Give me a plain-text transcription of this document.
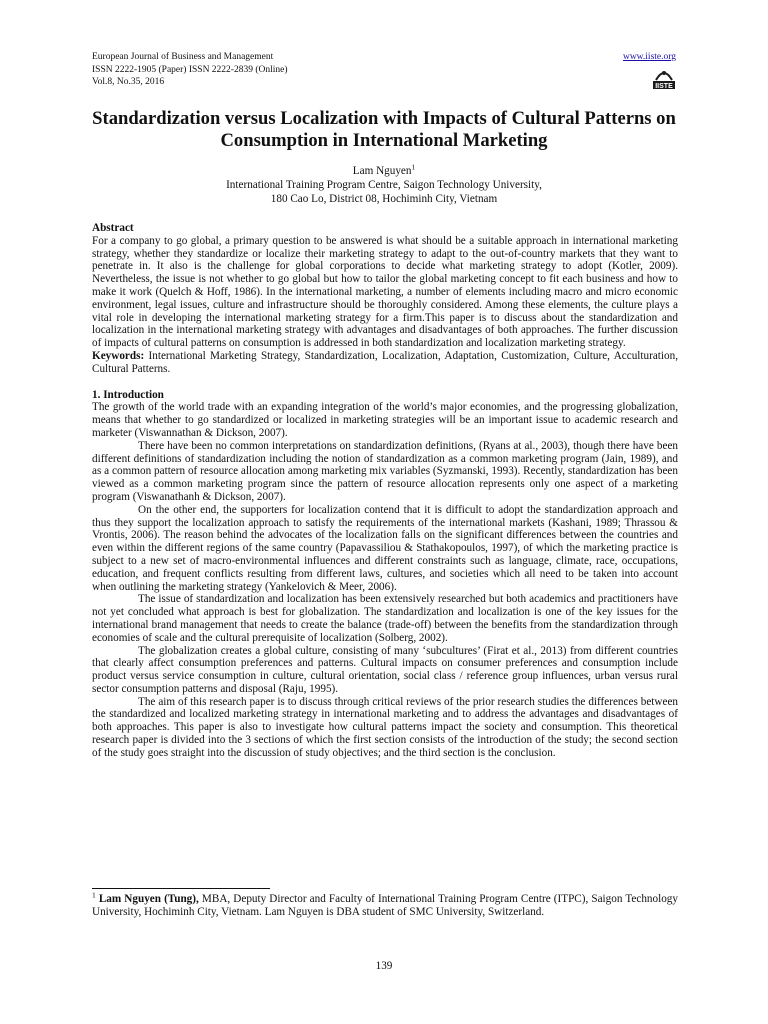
European Journal of Business and Management
ISSN 2222-1905 (Paper) ISSN 2222-2839 (Online)
Vol.8, No.35, 2016
www.iiste.org
IISTE
Standardization versus Localization with Impacts of Cultural Patterns on Consumption in International Marketing
Lam Nguyen$^1$
International Training Program Centre, Saigon Technology University,
180 Cao Lo, District 08, Hochiminh City, Vietnam

Abstract

For a company to go global, a primary question to be answered is what should be a suitable approach in international marketing strategy, whether they standardize or localize their marketing strategy to adapt to the out-of-country markets that they want to penetrate in. It also is the challenge for global corporations to decide what marketing strategy to adopt (Kotler, 2009). Nevertheless, the issue is not whether to go global but how to tailor the global marketing concept to fit each business and how to make it work (Quelch & Hoff, 1986). In the international marketing, a number of elements including macro and micro economic environment, legal issues, culture and infrastructure should be thoroughly considered. Among these elements, the culture plays a vital role in developing the international marketing strategy for a firm.This paper is to discuss about the standardization and localization in the international marketing strategy with advantages and disadvantages of both approaches. The further discussion of impacts of cultural patterns on consumption is addressed in both standardization and localization marketing strategy.

Keywords: International Marketing Strategy, Standardization, Localization, Adaptation, Customization, Culture, Acculturation, Cultural Patterns.

1. Introduction

The growth of the world trade with an expanding integration of the world’s major economies, and the progressing globalization, means that whether to go standardized or localized in marketing strategies will be an important issue to academic research and marketer (Viswannathan & Dickson, 2007).

There have been no common interpretations on standardization definitions, (Ryans at al., 2003), though there have been different definitions of standardization including the notion of standardization as a common marketing program (Jain, 1989), and as a common pattern of resource allocation among marketing mix variables (Syzmanski, 1993). Recently, standardization has been viewed as a common marketing program since the pattern of resource allocation represents only one aspect of a marketing program (Viswanathanh & Dickson, 2007).

On the other end, the supporters for localization contend that it is difficult to adopt the standardization approach and thus they support the localization approach to satisfy the requirements of the international markets (Kashani, 1989; Thrassou & Vrontis, 2006). The reason behind the advocates of the localization falls on the significant differences between the countries and even within the different regions of the same country (Papavassiliou & Stathakopoulos, 1997), of which the marketing practice is subject to a new set of macro-environmental influences and different constraints such as language, climate, race, occupations, education, and frequent conflicts resulting from different laws, cultures, and societies which all need to be taken into account when outlining the marketing strategy (Yankelovich & Meer, 2006).

The issue of standardization and localization has been extensively researched but both academics and practitioners have not yet concluded what approach is best for globalization. The standardization and localization is one of the key issues for the international brand management that needs to create the balance (trade-off) between the benefits from the standardization through economies of scale and the cultural prerequisite of localization (Solberg, 2002).

The globalization creates a global culture, consisting of many ‘subcultures’ (Firat et al., 2013) from different countries that clearly affect consumption preferences and patterns. Cultural impacts on consumer preferences and consumption include product versus service consumption in culture, cultural orientation, social class / reference group influences, urban versus rural sector consumption patterns and disposal (Raju, 1995).

The aim of this research paper is to discuss through critical reviews of the prior research studies the differences between the standardized and localized marketing strategy in international marketing and to address the advantages and disadvantages of both approaches. This paper is also to investigate how cultural patterns impact the society and consumption. This theoretical research paper is divided into the 3 sections of which the first section consists of the introduction of the study; the second section of the study goes straight into the discussion of study objectives; and the third section is the conclusion.

$^1$ Lam Nguyen (Tung), MBA, Deputy Director and Faculty of International Training Program Centre (ITPC), Saigon Technology University, Hochiminh City, Vietnam. Lam Nguyen is DBA student of SMC University, Switzerland.

139
